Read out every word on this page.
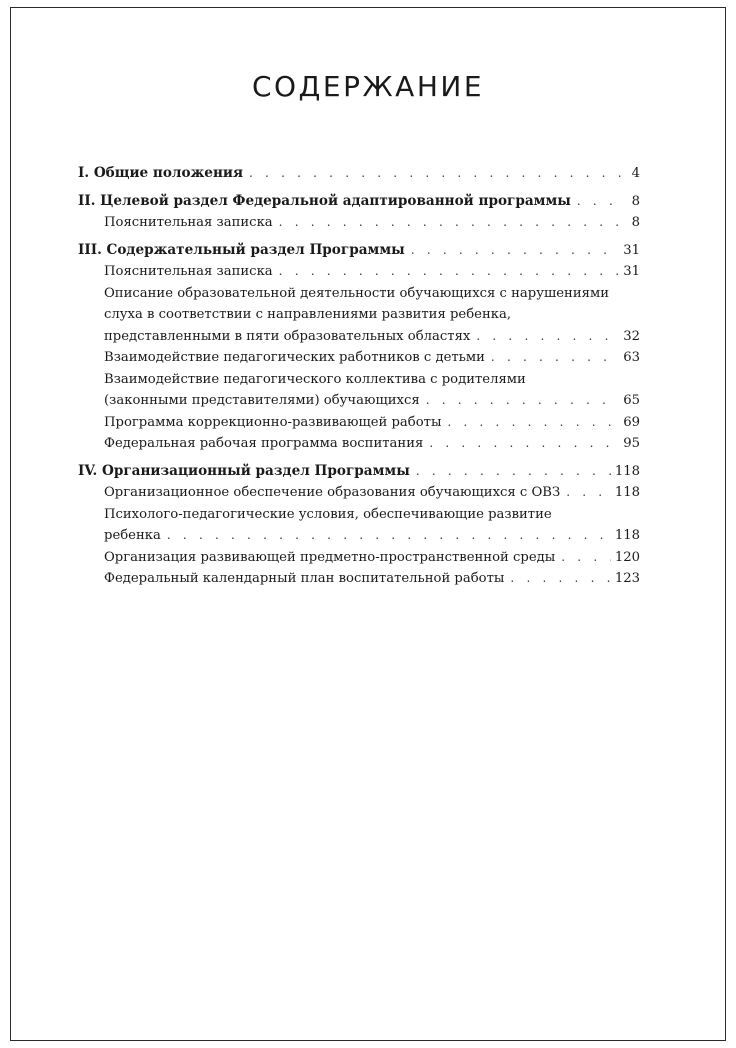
СОДЕРЖАНИЕ
I. Общие положения . . .	4
II. Целевой раздел Федеральной адаптированной программы . . .	8
Пояснительная записка . . .	8
III. Содержательный раздел Программы . . .	31
Пояснительная записка . . .	31
Описание образовательной деятельности обучающихся с нарушениями
слуха в соответствии с направлениями развития ребенка,
представленными в пяти образовательных областях . . .	32
Взаимодействие педагогических работников с детьми . . .	63
Взаимодействие педагогического коллектива с родителями
(законными представителями) обучающихся . . .	65
Программа коррекционно-развивающей работы . . .	69
Федеральная рабочая программа воспитания . . .	95
IV. Организационный раздел Программы . . .	118
Организационное обеспечение образования обучающихся с ОВЗ . . .	118
Психолого-педагогические условия, обеспечивающие развитие
ребенка . . .	118
Организация развивающей предметно-пространственной среды . . .	120
Федеральный календарный план воспитательной работы . . .	123
